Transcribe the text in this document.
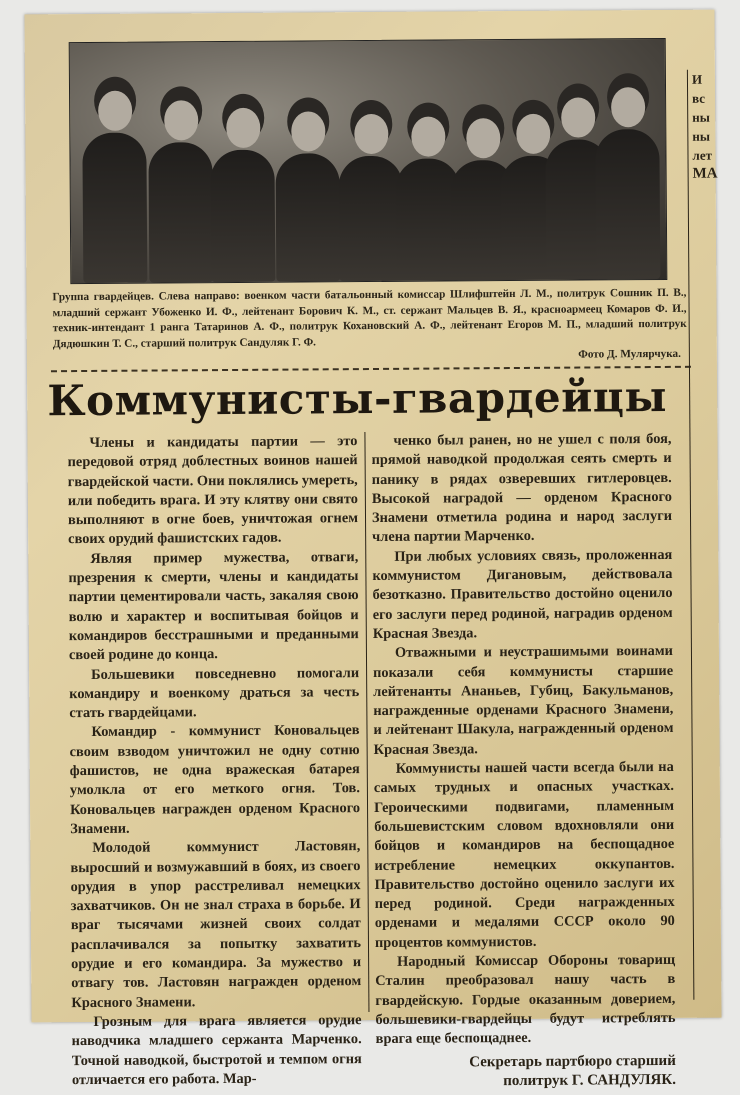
Группа гвардейцев. Слева направо: военком части батальонный комиссар Шлифштейн Л. М., политрук Сошник П. В., младший сержант Убоженко И. Ф., лейтенант Борович К. М., ст. сержант Мальцев В. Я., красноармеец Комаров Ф. И., техник-интендант 1 ранга Татаринов А. Ф., политрук Кохановский А. Ф., лейтенант Егоров М. П., младший политрук Дядюшкин Т. С., старший политрук Сандуляк Г. Ф.
Фото Д. Мулярчука.
Коммунисты-гвардейцы

Члены и кандидаты партии — это передовой отряд доблестных воинов нашей гвардейской части. Они поклялись умереть, или победить врага. И эту клятву они свято выполняют в огне боев, уничтожая огнем своих орудий фашистских гадов.

Являя пример мужества, отваги, презрения к смерти, члены и кандидаты партии цементировали часть, закаляя свою волю и характер и воспитывая бойцов и командиров бесстрашными и преданными своей родине до конца.

Большевики повседневно помогали командиру и военкому драться за честь стать гвардейцами.

Командир - коммунист Коновальцев своим взводом уничтожил не одну сотню фашистов, не одна вражеская батарея умолкла от его меткого огня. Тов. Коновальцев награжден орденом Красного Знамени.

Молодой коммунист Ластовян, выросший и возмужавший в боях, из своего орудия в упор расстреливал немецких захватчиков. Он не знал страха в борьбе. И враг тысячами жизней своих солдат расплачивался за попытку захватить орудие и его командира. За мужество и отвагу тов. Ластовян награжден орденом Красного Знамени.

Грозным для врага является орудие наводчика младшего сержанта Марченко. Точной наводкой, быстротой и темпом огня отличается его работа. Мар-

ченко был ранен, но не ушел с поля боя, прямой наводкой продолжая сеять смерть и панику в рядах озверевших гитлеровцев. Высокой наградой — орденом Красного Знамени отметила родина и народ заслуги члена партии Марченко.

При любых условиях связь, проложенная коммунистом Дигановым, действовала безотказно. Правительство достойно оценило его заслуги перед родиной, наградив орденом Красная Звезда.

Отважными и неустрашимыми воинами показали себя коммунисты старшие лейтенанты Ананьев, Губиц, Бакульманов, награжденные орденами Красного Знамени, и лейтенант Шакула, награжденный орденом Красная Звезда.

Коммунисты нашей части всегда были на самых трудных и опасных участках. Героическими подвигами, пламенным большевистским словом вдохновляли они бойцов и командиров на беспощадное истребление немецких оккупантов. Правительство достойно оценило заслуги их перед родиной. Среди награжденных орденами и медалями СССР около 90 процентов коммунистов.

Народный Комиссар Обороны товарищ Сталин преобразовал нашу часть в гвардейскую. Гордые оказанным доверием, большевики-гвардейцы будут истреблять врага еще беспощаднее.

Секретарь партбюро старший

политрук Г. САНДУЛЯК.

И
вс
ны
ны
лет
МА
